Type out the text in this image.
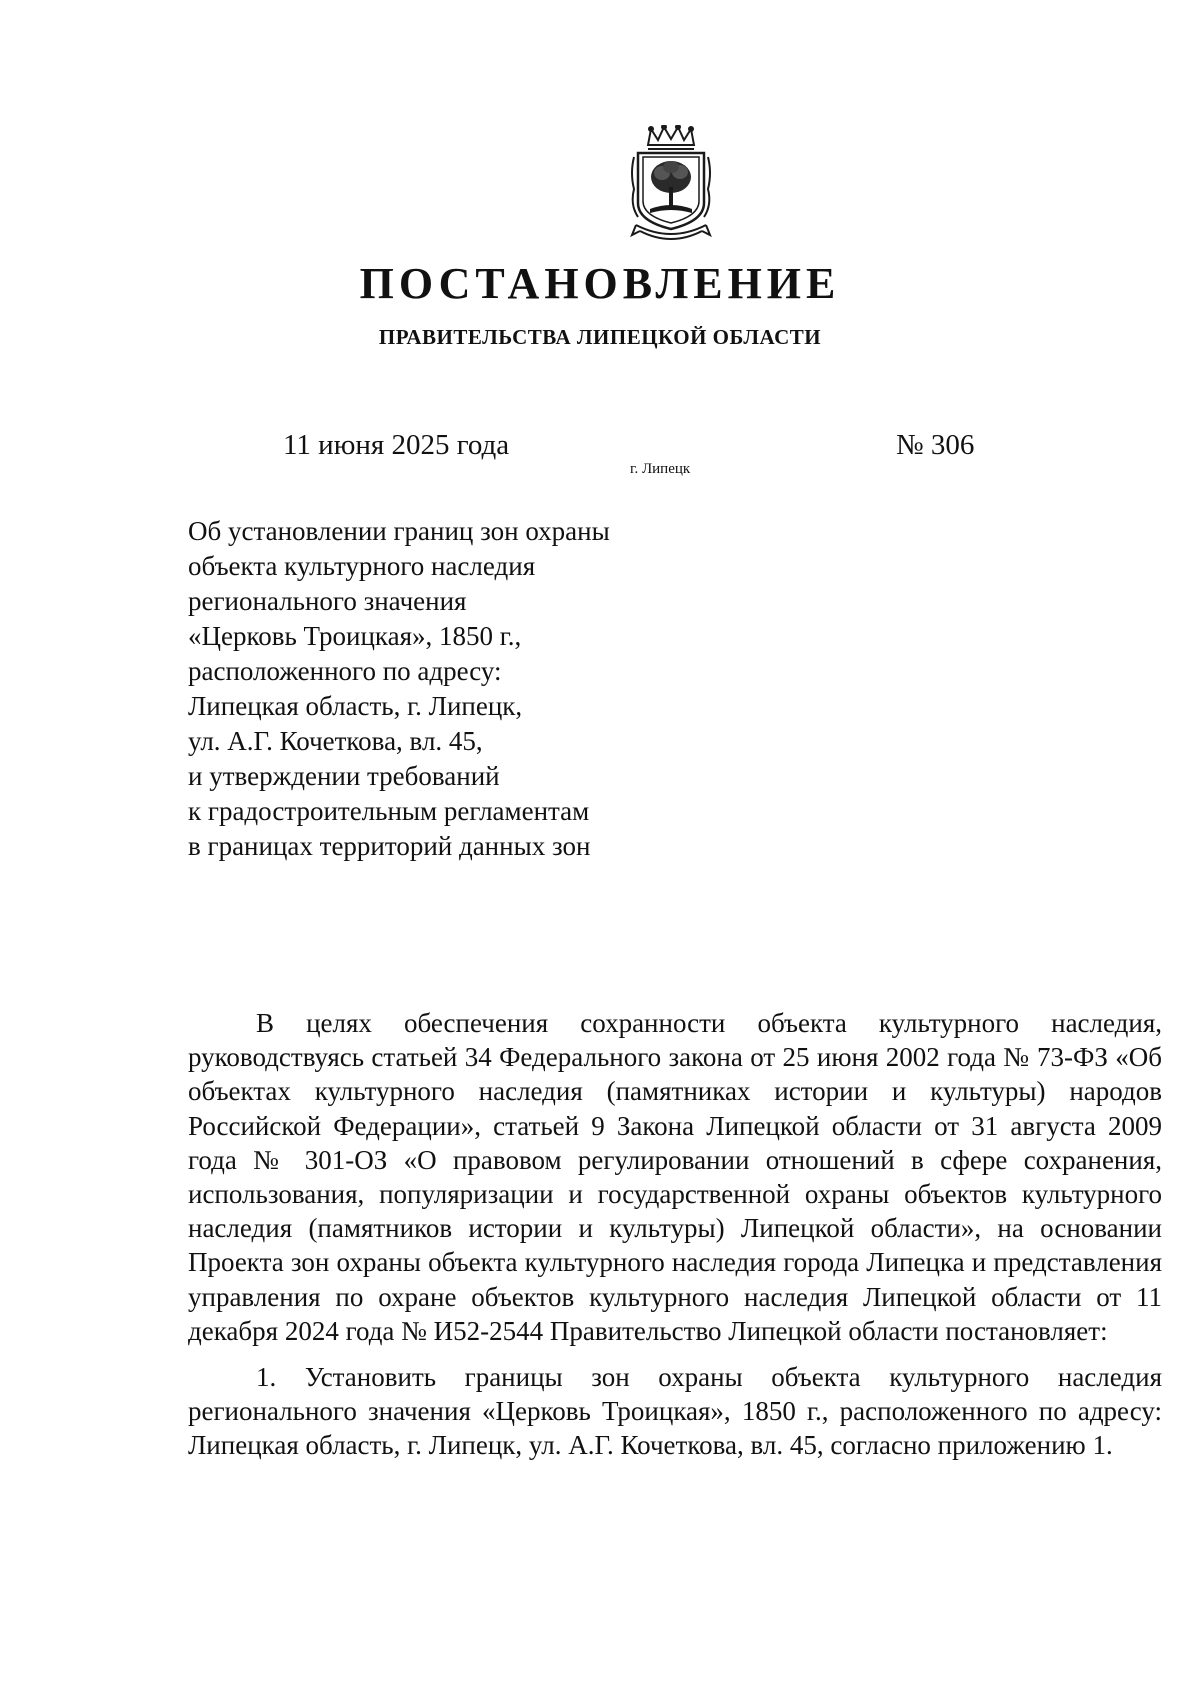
ПОСТАНОВЛЕНИЕ
ПРАВИТЕЛЬСТВА ЛИПЕЦКОЙ ОБЛАСТИ
11 июня 2025 года
г. Липецк
№ 306
Об установлении границ зон охраны
объекта культурного наследия
регионального значения
«Церковь Троицкая», 1850 г.,
расположенного по адресу:
Липецкая область, г. Липецк,
ул. А.Г. Кочеткова, вл. 45,
и утверждении требований
к градостроительным регламентам
в границах территорий данных зон

В целях обеспечения сохранности объекта культурного наследия, руководствуясь статьей 34 Федерального закона от 25 июня 2002 года № 73-ФЗ «Об объектах культурного наследия (памятниках истории и культуры) народов Российской Федерации», статьей 9 Закона Липецкой области от 31 августа 2009 года № 301-ОЗ «О правовом регулировании отношений в сфере сохранения, использования, популяризации и государственной охраны объектов культурного наследия (памятников истории и культуры) Липецкой области», на основании Проекта зон охраны объекта культурного наследия города Липецка и представления управления по охране объектов культурного наследия Липецкой области от 11 декабря 2024 года № И52-2544 Правительство Липецкой области постановляет:

1. Установить границы зон охраны объекта культурного наследия регионального значения «Церковь Троицкая», 1850 г., расположенного по адресу: Липецкая область, г. Липецк, ул. А.Г. Кочеткова, вл. 45, согласно приложению 1.
